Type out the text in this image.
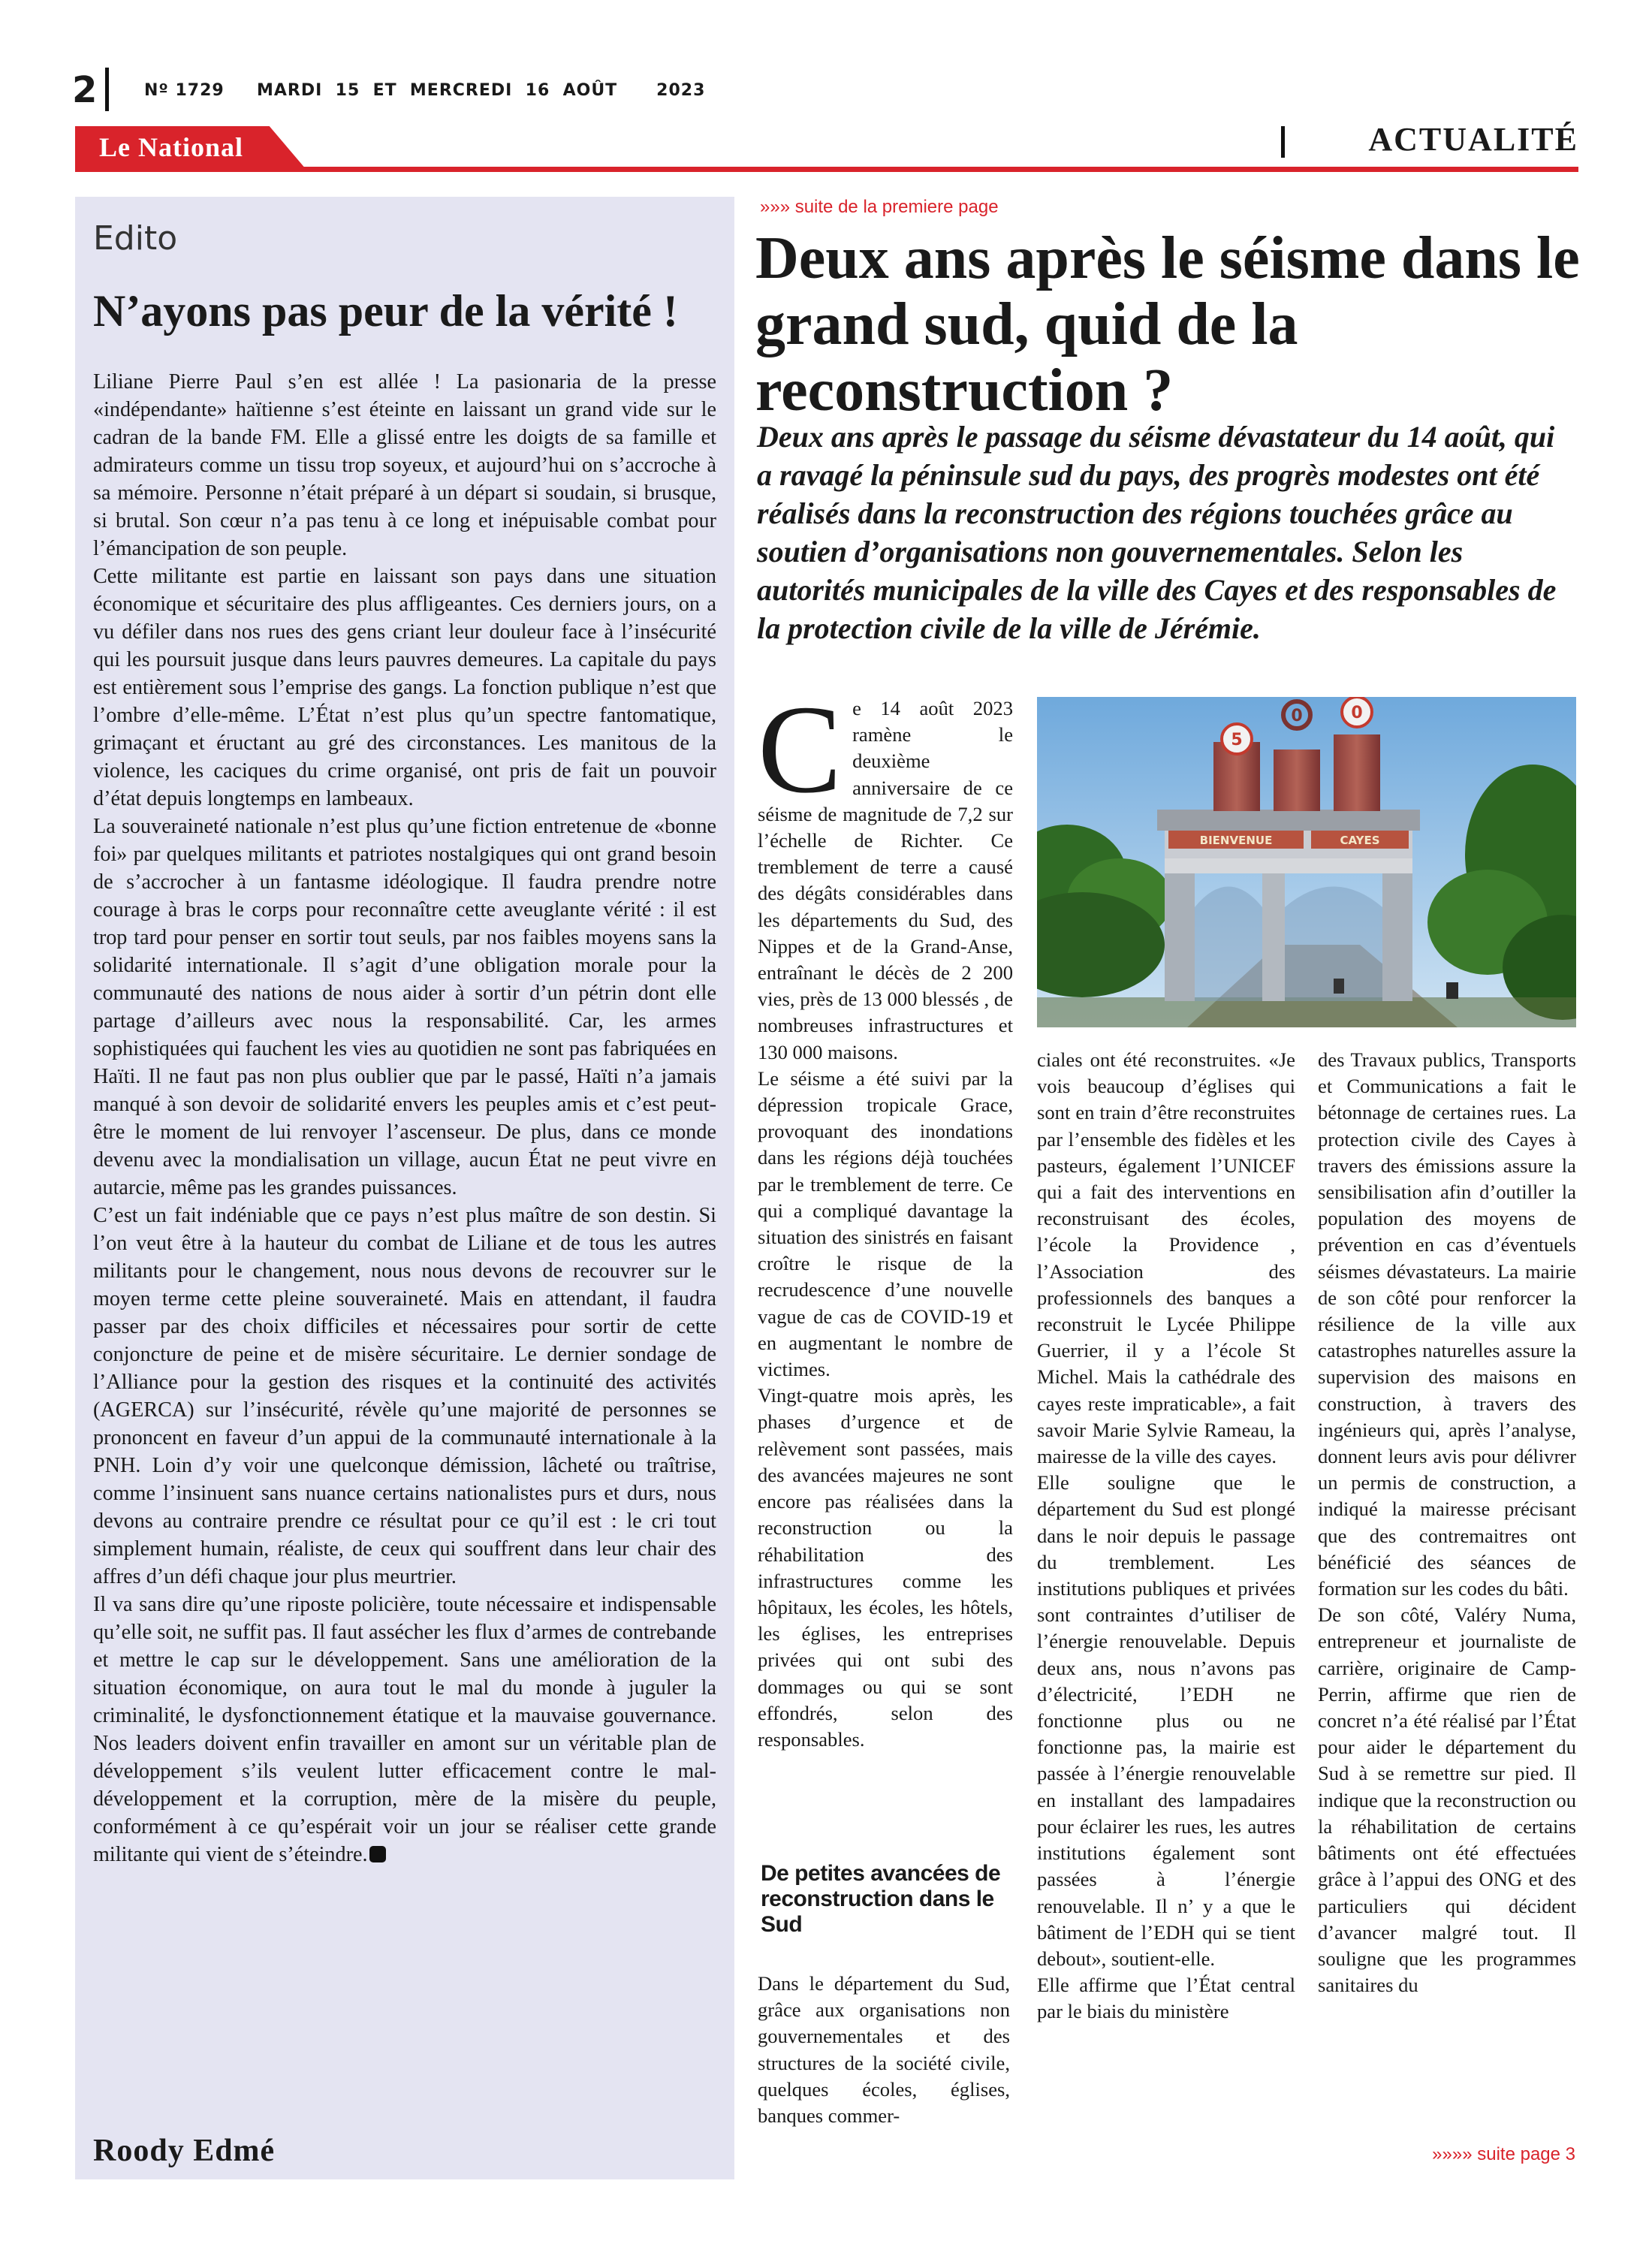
2	Nº 1729     MARDI  15  ET  MERCREDI  16  AOÛT      2023
Le National	ACTUALITÉ
Edito
N’ayons pas peur de la vérité !

Liliane Pierre Paul s’en est allée ! La pasionaria de la presse «indépendante» haïtienne s’est éteinte en laissant un grand vide sur le cadran de la bande FM. Elle a glissé entre les doigts de sa famille et admirateurs comme un tissu trop soyeux, et aujourd’hui on s’accroche à sa mémoire. Personne n’était préparé à un départ si soudain, si brusque, si brutal. Son cœur n’a pas tenu à ce long et inépuisable combat pour l’émancipation de son peuple.

Cette militante est partie en laissant son pays dans une situation économique et sécuritaire des plus affligeantes. Ces derniers jours, on a vu défiler dans nos rues des gens criant leur douleur face à l’insécurité qui les poursuit jusque dans leurs pauvres demeures. La capitale du pays est entièrement sous l’emprise des gangs. La fonction publique n’est que l’ombre d’elle-même. L’État n’est plus qu’un spectre fantomatique, grimaçant et éructant au gré des circonstances. Les manitous de la violence, les caciques du crime organisé, ont pris de fait un pouvoir d’état depuis longtemps en lambeaux.

La souveraineté nationale n’est plus qu’une fiction entretenue de «bonne foi» par quelques militants et patriotes nostalgiques qui ont grand besoin de s’accrocher à un fantasme idéologique. Il faudra prendre notre courage à bras le corps pour reconnaître cette aveuglante vérité : il est trop tard pour penser en sortir tout seuls, par nos faibles moyens sans la solidarité internationale. Il s’agit d’une obligation morale pour la communauté des nations de nous aider à sortir d’un pétrin dont elle partage d’ailleurs avec nous la responsabilité. Car, les armes sophistiquées qui fauchent les vies au quotidien ne sont pas fabriquées en Haïti. Il ne faut pas non plus oublier que par le passé, Haïti n’a jamais manqué à son devoir de solidarité envers les peuples amis et c’est peut-être le moment de lui renvoyer l’ascenseur. De plus, dans ce monde devenu avec la mondialisation un village, aucun État ne peut vivre en autarcie, même pas les grandes puissances.

C’est un fait indéniable que ce pays n’est plus maître de son destin. Si l’on veut être à la hauteur du combat de Liliane et de tous les autres militants pour le changement, nous nous devons de recouvrer sur le moyen terme cette pleine souveraineté. Mais en attendant, il faudra passer par des choix difficiles et nécessaires pour sortir de cette conjoncture de peine et de misère sécuritaire. Le dernier sondage de l’Alliance pour la gestion des risques et la continuité des activités (AGERCA) sur l’insécurité, révèle qu’une majorité de personnes se prononcent en faveur d’un appui de la communauté internationale à la PNH. Loin d’y voir une quelconque démission, lâcheté ou traîtrise, comme l’insinuent sans nuance certains nationalistes purs et durs, nous devons au contraire prendre ce résultat pour ce qu’il est : le cri tout simplement humain, réaliste, de ceux qui souffrent dans leur chair des affres d’un défi chaque jour plus meurtrier.

Il va sans dire qu’une riposte policière, toute nécessaire et indispensable qu’elle soit, ne suffit pas. Il faut assécher les flux d’armes de contrebande et mettre le cap sur le développement. Sans une amélioration de la situation économique, on aura tout le mal du monde à juguler la criminalité, le dysfonctionnement étatique et la mauvaise gouvernance. Nos leaders doivent enfin travailler en amont sur un véritable plan de développement s’ils veulent lutter efficacement contre le mal-développement et la corruption, mère de la misère du peuple, conformément à ce qu’espérait voir un jour se réaliser cette grande militante qui vient de s’éteindre.

Roody Edmé
»»» suite de la premiere page
Deux ans après le séisme dans le grand sud, quid de la reconstruction ?
Deux ans après le passage du séisme dévastateur du 14 août, qui a ravagé la péninsule sud du pays, des progrès modestes ont été réalisés dans la reconstruction des régions touchées grâce au soutien d’organisations non gouvernementales. Selon les autorités municipales de la ville des Cayes et des responsables de la protection civile de la ville de Jérémie.

Ce 14 août 2023 ramène le deuxième anniversaire de ce séisme de magnitude de 7,2 sur l’échelle de Richter. Ce tremblement de terre a causé des dégâts considérables dans les départements du Sud, des Nippes et de la Grand-Anse, entraînant le décès de 2 200 vies, près de 13 000 blessés , de nombreuses infrastructures et 130 000 maisons.

Le séisme a été suivi par la dépression tropicale Grace, provoquant des inondations dans les régions déjà touchées par le tremblement de terre. Ce qui a compliqué davantage la situation des sinistrés en faisant croître le risque de la recrudescence d’une nouvelle vague de cas de COVID-19 et en augmentant le nombre de victimes.

Vingt-quatre mois après, les phases d’urgence et de relèvement sont passées, mais des avancées majeures ne sont encore pas réalisées dans la reconstruction ou la réhabilitation des infrastructures comme les hôpitaux, les écoles, les hôtels, les églises, les entreprises privées qui ont subi des dommages ou qui se sont effondrés, selon des responsables.

De petites avancées de reconstruction dans le Sud

Dans le département du Sud, grâce aux organisations non gouvernementales et des structures de la société civile, quelques écoles, églises, banques commer-

BIENVENUE	CAYES
5
0	0

ciales ont été reconstruites. «Je vois beaucoup d’églises qui sont en train d’être reconstruites par l’ensemble des fidèles et les pasteurs, également l’UNICEF qui a fait des interventions en reconstruisant des écoles, l’école la Providence , l’Association des professionnels des banques a reconstruit le Lycée Philippe Guerrier, il y a l’école St Michel. Mais la cathédrale des cayes reste impraticable», a fait savoir Marie Sylvie Rameau, la mairesse de la ville des cayes.

Elle souligne que le département du Sud est plongé dans le noir depuis le passage du tremblement. Les institutions publiques et privées sont contraintes d’utiliser de l’énergie renouvelable. Depuis deux ans, nous n’avons pas d’électricité, l’EDH ne fonctionne plus ou ne fonctionne pas, la mairie est passée à l’énergie renouvelable en installant des lampadaires pour éclairer les rues, les autres institutions également sont passées à l’énergie renouvelable. Il n’ y a que le bâtiment de l’EDH qui se tient debout», soutient-elle.

Elle affirme que l’État central par le biais du ministère

des Travaux publics, Transports et Communications a fait le bétonnage de certaines rues. La protection civile des Cayes à travers des émissions assure la sensibilisation afin d’outiller la population des moyens de prévention en cas d’éventuels séismes dévastateurs. La mairie de son côté pour renforcer la résilience de la ville aux catastrophes naturelles assure la supervision des maisons en construction, à travers des ingénieurs qui, après l’analyse, donnent leurs avis pour délivrer un permis de construction, a indiqué la mairesse précisant que des contremaitres ont bénéficié des séances de formation sur les codes du bâti.

De son côté, Valéry Numa, entrepreneur et journaliste de carrière, originaire de Camp-Perrin, affirme que rien de concret n’a été réalisé par l’État pour aider le département du Sud à se remettre sur pied. Il indique que la reconstruction ou la réhabilitation de certains bâtiments ont été effectuées grâce à l’appui des ONG et des particuliers qui décident d’avancer malgré tout. Il souligne que les programmes sanitaires du

»»»» suite page 3
